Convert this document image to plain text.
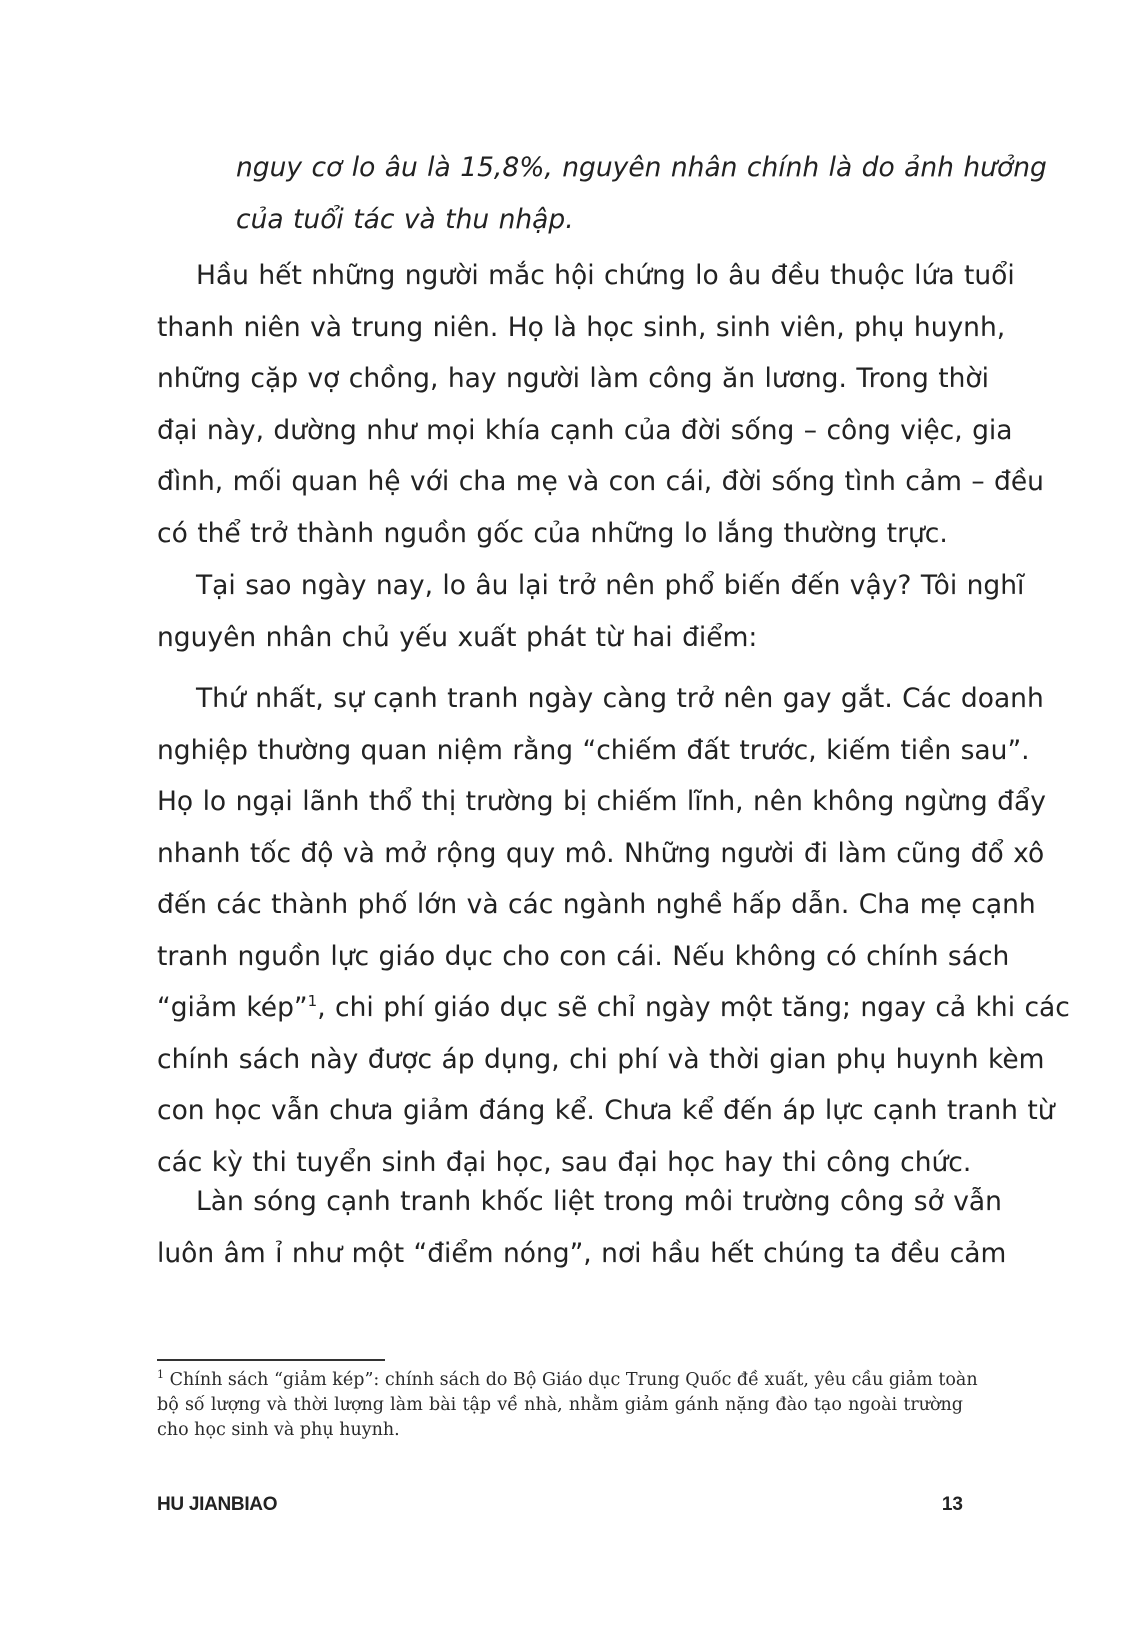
nguy cơ lo âu là 15,8%, nguyên nhân chính là do ảnh hưởng
của tuổi tác và thu nhập.
Hầu hết những người mắc hội chứng lo âu đều thuộc lứa tuổi
thanh niên và trung niên. Họ là học sinh, sinh viên, phụ huynh,
những cặp vợ chồng, hay người làm công ăn lương. Trong thời
đại này, dường như mọi khía cạnh của đời sống – công việc, gia
đình, mối quan hệ với cha mẹ và con cái, đời sống tình cảm – đều
có thể trở thành nguồn gốc của những lo lắng thường trực.
Tại sao ngày nay, lo âu lại trở nên phổ biến đến vậy? Tôi nghĩ
nguyên nhân chủ yếu xuất phát từ hai điểm:
Thứ nhất, sự cạnh tranh ngày càng trở nên gay gắt. Các doanh
nghiệp thường quan niệm rằng “chiếm đất trước, kiếm tiền sau”.
Họ lo ngại lãnh thổ thị trường bị chiếm lĩnh, nên không ngừng đẩy
nhanh tốc độ và mở rộng quy mô. Những người đi làm cũng đổ xô
đến các thành phố lớn và các ngành nghề hấp dẫn. Cha mẹ cạnh
tranh nguồn lực giáo dục cho con cái. Nếu không có chính sách
“giảm kép”$^1$, chi phí giáo dục sẽ chỉ ngày một tăng; ngay cả khi các
chính sách này được áp dụng, chi phí và thời gian phụ huynh kèm
con học vẫn chưa giảm đáng kể. Chưa kể đến áp lực cạnh tranh từ
các kỳ thi tuyển sinh đại học, sau đại học hay thi công chức.
Làn sóng cạnh tranh khốc liệt trong môi trường công sở vẫn
luôn âm ỉ như một “điểm nóng”, nơi hầu hết chúng ta đều cảm
$^1$ Chính sách “giảm kép”: chính sách do Bộ Giáo dục Trung Quốc đề xuất, yêu cầu giảm toàn
bộ số lượng và thời lượng làm bài tập về nhà, nhằm giảm gánh nặng đào tạo ngoài trường
cho học sinh và phụ huynh.
HU JIANBIAO	13
